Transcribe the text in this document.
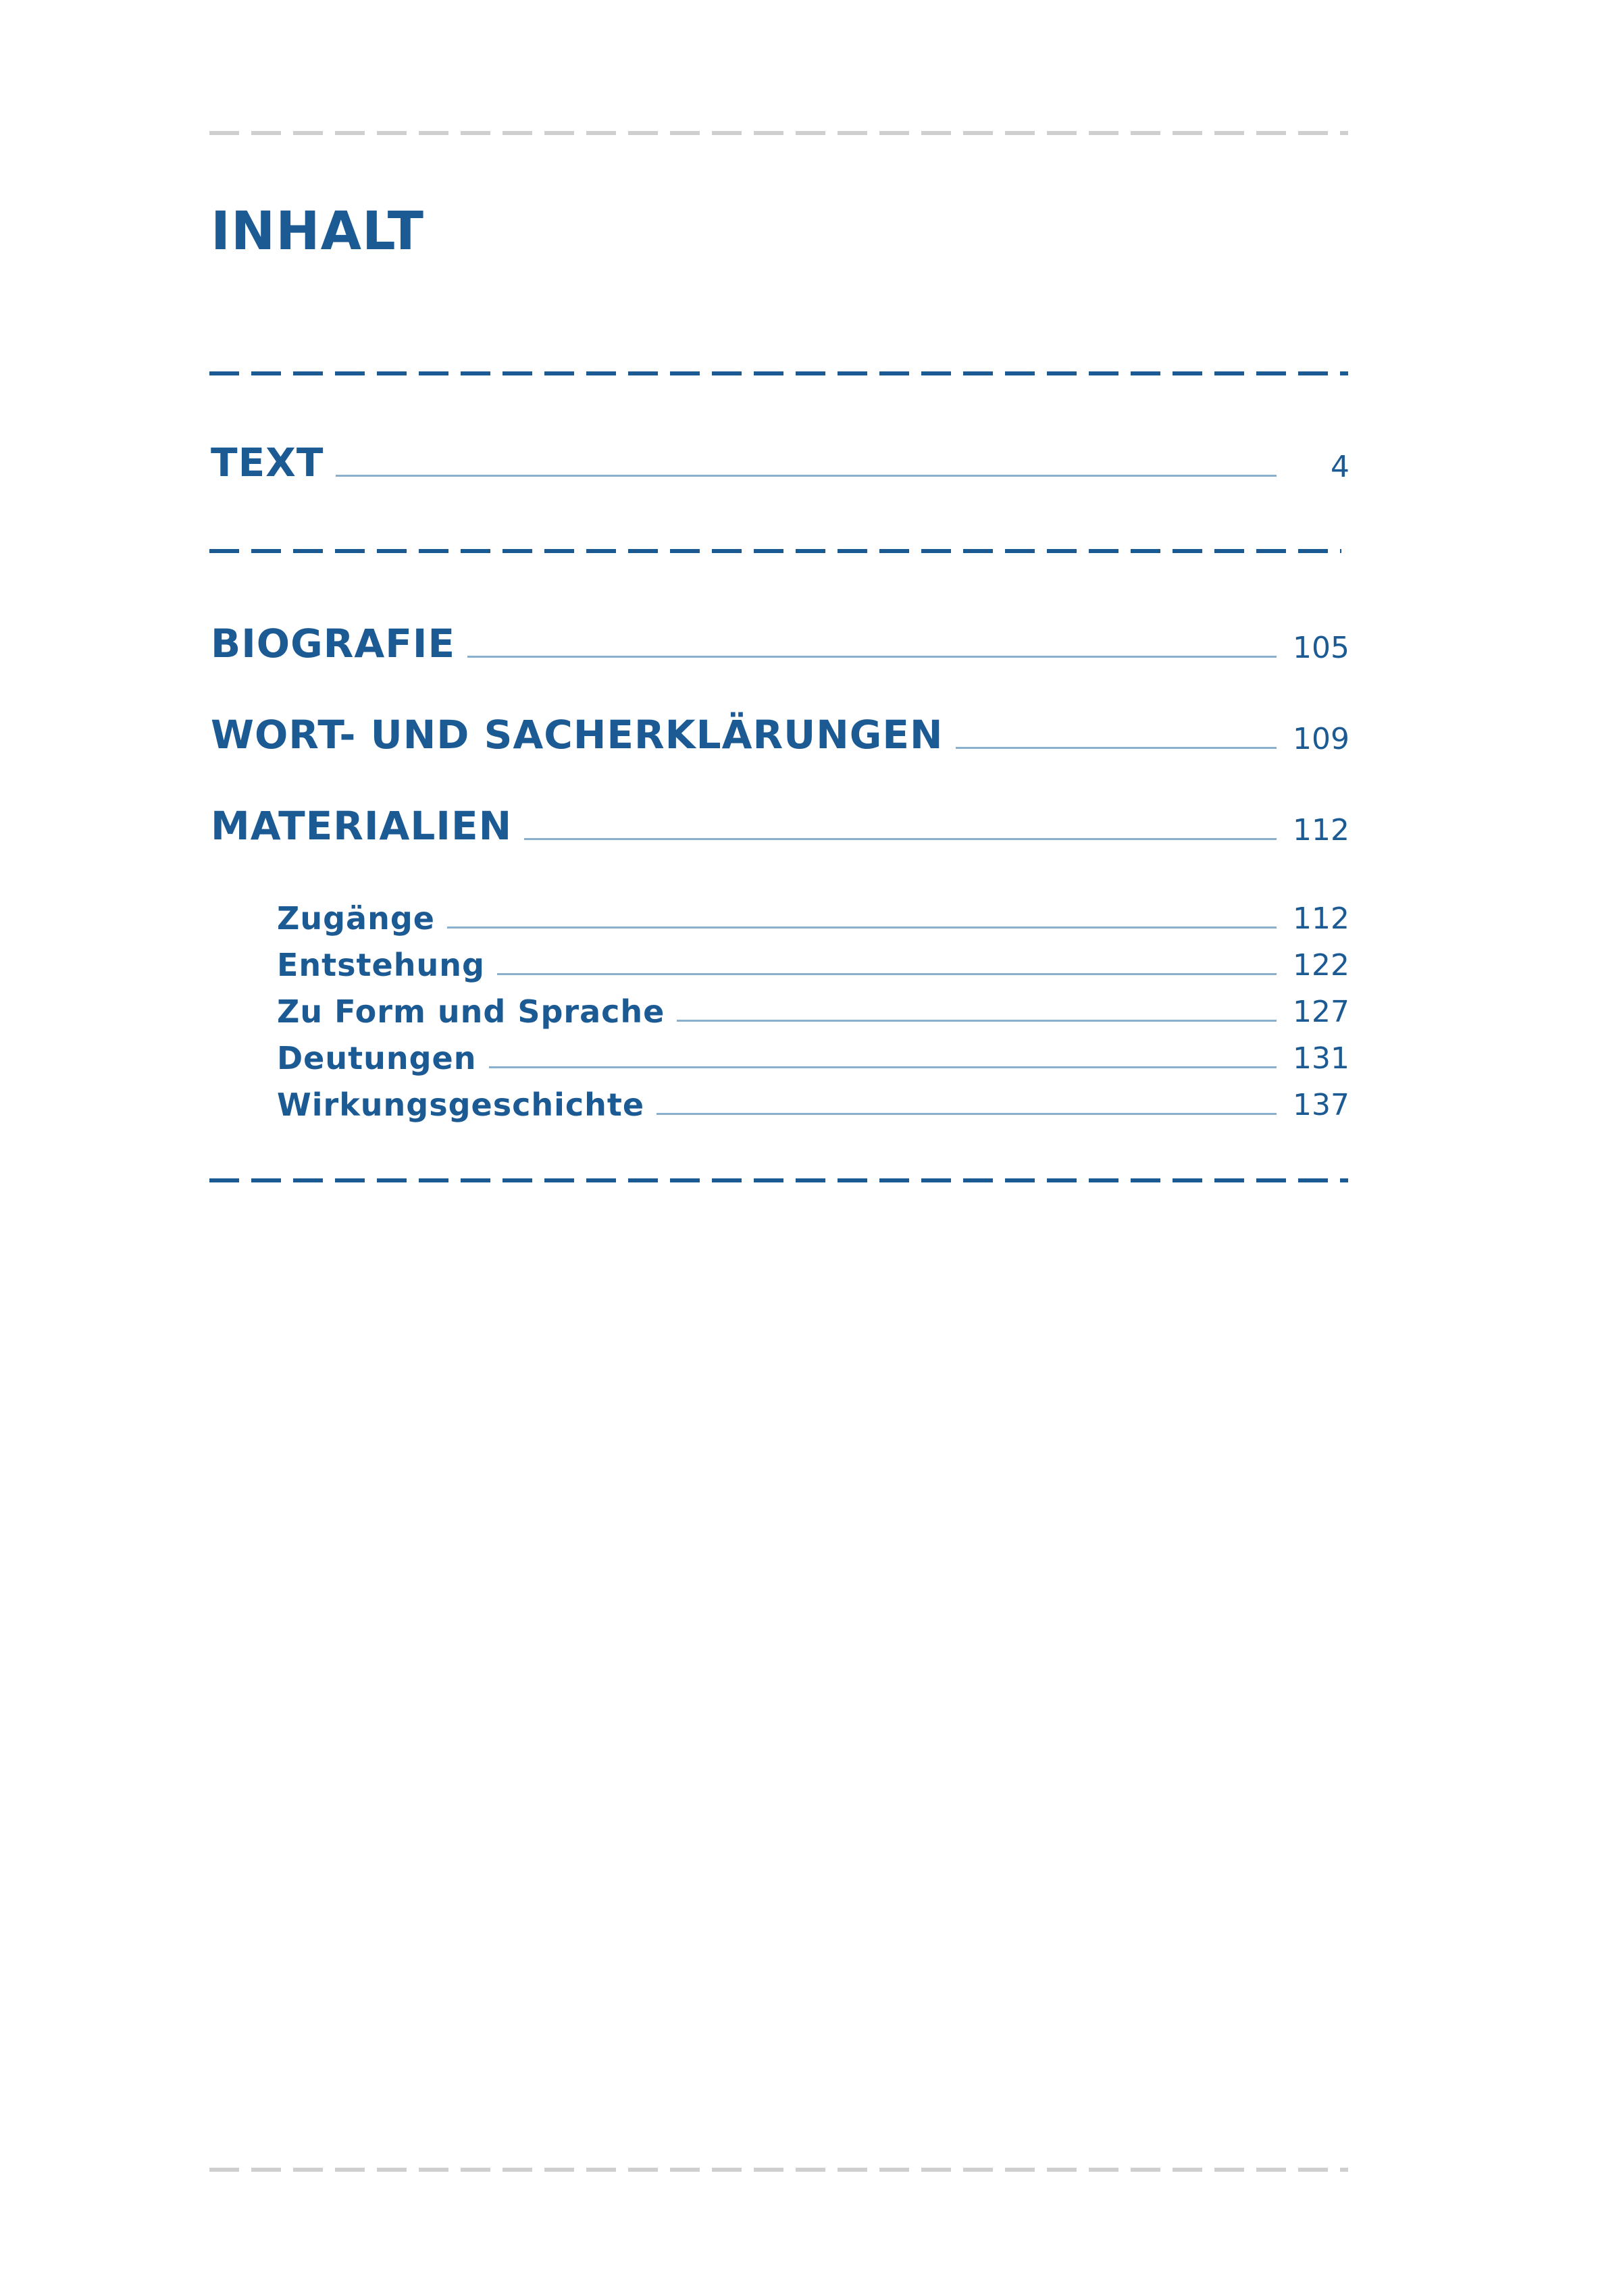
INHALT
TEXT	4
BIOGRAFIE	105
WORT- UND SACHERKLÄRUNGEN	109
MATERIALIEN	112
Zugänge	112
Entstehung	122
Zu Form und Sprache	127
Deutungen	131
Wirkungsgeschichte	137
